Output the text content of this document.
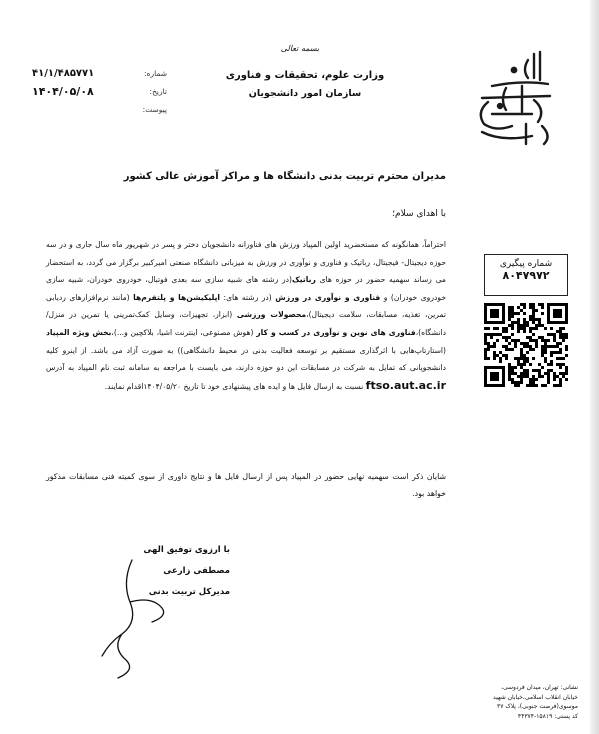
بسمه تعالی
شماره:
۴۱/۱/۴۸۵۷۷۱
تاریخ:
۱۴۰۴/۰۵/۰۸
پیوست:
وزارت علوم، تحقیقات و فناوری
سازمان امور دانشجویان
مدیران محترم تربیت بدنی دانشگاه ها و مراکز آموزش عالی کشور
با اهدای سلام؛
احتراماً، همانگونه که مستحضرید اولین المپیاد ورزش های فناورانه دانشجویان دختر و پسر در شهریور ماه سال جاری و در سه حوزه دیجیتال- فیجیتال، رباتیک و فناوری و نوآوری در ورزش به میزبانی دانشگاه صنعتی امیرکبیر برگزار می گردد، به استحضار می رساند سهمیه حضور در حوزه های رباتیک(در رشته های شبیه سازی سه بعدی فوتبال، خودروی خودران، شبیه سازی خودروی خودران) و فناوری و نوآوری در ورزش (در رشته های: اپلیکیشن‌ها و پلتفرم‌ها (مانند نرم‌افزارهای ردیابی تمرین، تغذیه، مسابقات، سلامت دیجیتال)،محصولات ورزشی (ابزار، تجهیزات، وسایل کمک‌تمرینی یا تمرین در منزل/دانشگاه)،فناوری های نوین و نوآوری در کسب و کار (هوش مصنوعی، اینترنت اشیا، بلاکچین و...)،بخش ویژه المپیاد (استارتاپ‌هایی با اثرگذاری مستقیم بر توسعه فعالیت بدنی در محیط دانشگاهی)) به صورت آزاد می باشد. از اینرو کلیه دانشجویانی که تمایل به شرکت در مسابقات این دو حوزه دارند، می بایست با مراجعه به سامانه ثبت نام المپیاد به آدرس ftso.aut.ac.ir نسبت به ارسال فایل ها و ایده های پیشنهادی خود تا تاریخ ۱۴۰۴/۰۵/۲۰اقدام نمایند.
شایان ذکر است سهمیه نهایی حضور در المپیاد پس از ارسال فایل ها و نتایج داوری از سوی کمیته فنی مسابقات مذکور خواهد بود.
شماره پیگیری
۸۰۴۷۹۷۲
با ارزوی توفیق الهی
مصطفی زارعی
مدیرکل تربیت بدنی
نشانی: تهران، میدان فردوسی،
خیابان انقلاب اسلامی،خیابان شهید
موسوی(فرصت جنوبی)، پلاک ۳۷
کد پستی: ۱۵۸۱۹-۴۴۳۷۴
